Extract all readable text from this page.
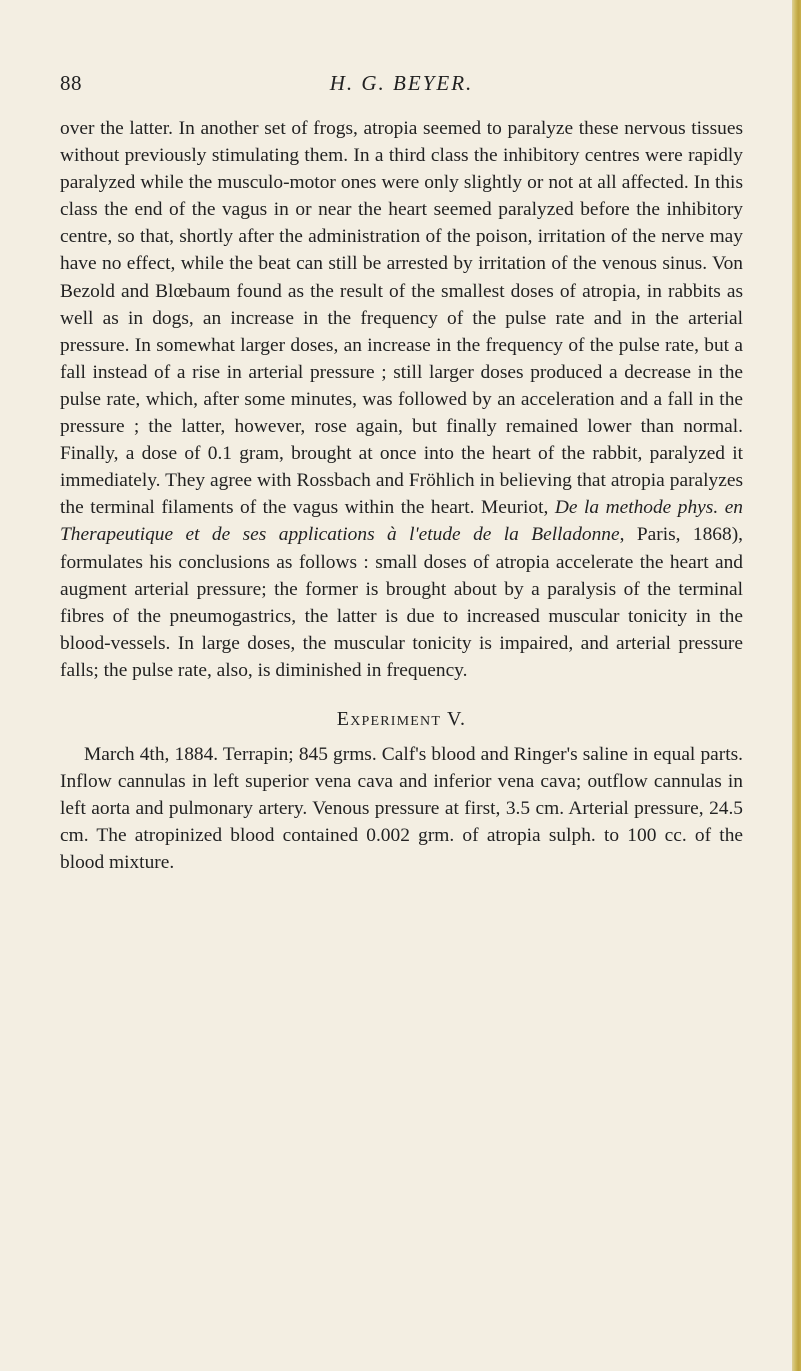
88	H. G. BEYER.

over the latter. In another set of frogs, atropia seemed to paralyze these nervous tissues without previously stimulating them. In a third class the inhibitory centres were rapidly paralyzed while the musculo-motor ones were only slightly or not at all affected. In this class the end of the vagus in or near the heart seemed paralyzed before the inhibitory centre, so that, shortly after the administration of the poison, irritation of the nerve may have no effect, while the beat can still be arrested by irritation of the venous sinus. Von Bezold and Blœbaum found as the result of the smallest doses of atropia, in rabbits as well as in dogs, an increase in the frequency of the pulse rate and in the arterial pressure. In somewhat larger doses, an increase in the frequency of the pulse rate, but a fall instead of a rise in arterial pressure ; still larger doses produced a decrease in the pulse rate, which, after some minutes, was followed by an acceleration and a fall in the pressure ; the latter, however, rose again, but finally remained lower than normal. Finally, a dose of 0.1 gram, brought at once into the heart of the rabbit, paralyzed it immediately. They agree with Rossbach and Fröhlich in believing that atropia paralyzes the terminal filaments of the vagus within the heart. Meuriot, De la methode phys. en Therapeutique et de ses applications à l'etude de la Belladonne, Paris, 1868), formulates his conclusions as follows : small doses of atropia accelerate the heart and augment arterial pressure; the former is brought about by a paralysis of the terminal fibres of the pneumogastrics, the latter is due to increased muscular tonicity in the blood-vessels. In large doses, the muscular tonicity is impaired, and arterial pressure falls; the pulse rate, also, is diminished in frequency.

Experiment V.

March 4th, 1884. Terrapin; 845 grms. Calf's blood and Ringer's saline in equal parts. Inflow cannulas in left superior vena cava and inferior vena cava; outflow cannulas in left aorta and pulmonary artery. Venous pressure at first, 3.5 cm. Arterial pressure, 24.5 cm. The atropinized blood contained 0.002 grm. of atropia sulph. to 100 cc. of the blood mixture.
